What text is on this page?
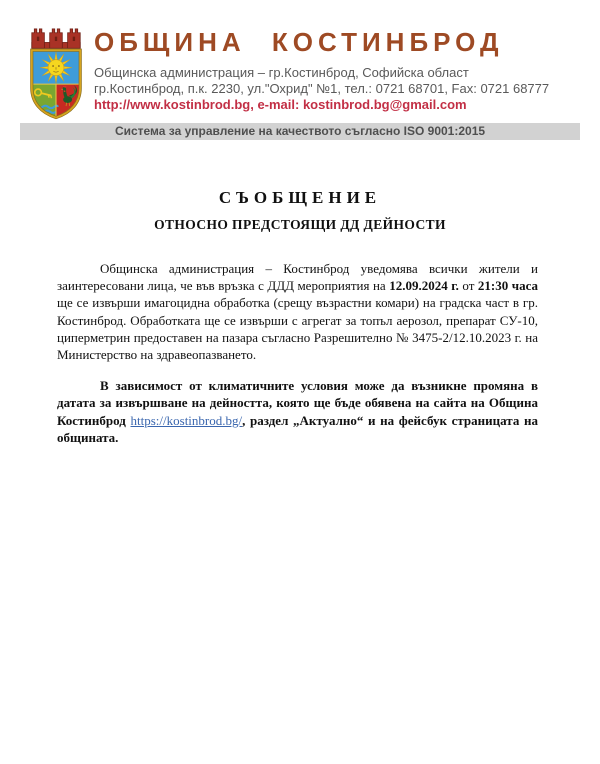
ОБЩИНА КОСТИНБРОД
Общинска администрация – гр.Костинброд, Софийска област
гр.Костинброд, п.к. 2230, ул."Охрид" №1, тел.: 0721 68701, Fax: 0721 68777
http://www.kostinbrod.bg, e-mail: kostinbrod.bg@gmail.com
Система за управление на качеството съгласно ISO 9001:2015
СЪОБЩЕНИЕ
ОТНОСНО ПРЕДСТОЯЩИ ДД ДЕЙНОСТИ

Общинска администрация – Костинброд уведомява всички жители и заинтересовани лица, че във връзка с ДДД мероприятия на 12.09.2024 г. от 21:30 часа ще се извърши имагоцидна обработка (срещу възрастни комари) на градска част в гр. Костинброд. Обработката ще се извърши с агрегат за топъл аерозол, препарат СУ-10, циперметрин предоставен на пазара съгласно Разрешително № 3475-2/12.10.2023 г. на Министерство на здравеопазването.

В зависимост от климатичните условия може да възникне промяна в датата за извършване на дейността, която ще бъде обявена на сайта на Община Костинброд https://kostinbrod.bg/, раздел „Актуално“ и на фейсбук страницата на общината.
